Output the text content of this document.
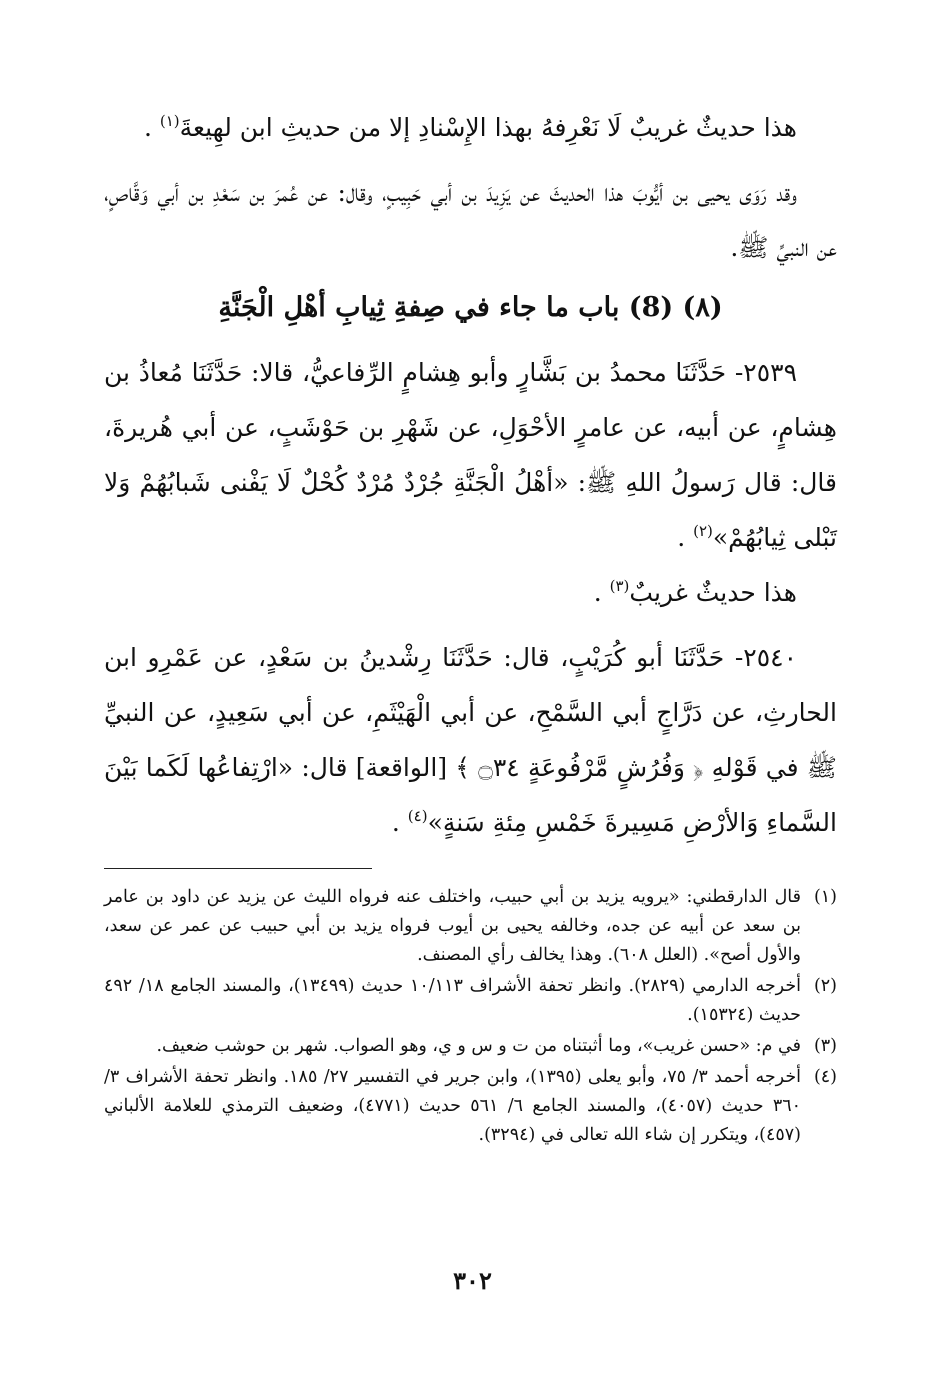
هذا حديثٌ غريبٌ لَا نَعْرِفهُ بهذا الإِسْنادِ إلا من حديثِ ابن لهِيعةَ$^{(١)}$ .

وقد رَوَى يحيى بن أيُّوبَ هذا الحديثَ عن يَزِيدَ بن أبي حَبِيبٍ، وقال: عن عُمرَ بن سَعْدِ بن أبي وَقَّاصٍ، عن النبيِّ ﷺ.

(٨) (8) باب ما جاء في صِفةِ ثِيابِ أهْلِ الْجَنَّةِ

٢٥٣٩- حَدَّثَنَا محمدُ بن بَشَّارٍ وأبو هِشامٍ الرِّفاعيُّ، قالا: حَدَّثَنَا مُعاذُ بن هِشامٍ، عن أبيه، عن عامرٍ الأحْوَلِ، عن شَهْرِ بن حَوْشَبٍ، عن أبي هُريرةَ، قال: قال رَسولُ اللهِ ﷺ: «أهْلُ الْجَنَّةِ جُرْدٌ مُرْدٌ كُحْلٌ لَا يَفْنى شَبابُهُمْ وَلا تَبْلى ثِيابُهُمْ»$^{(٢)}$ .

هذا حديثٌ غريبٌ$^{(٣)}$ .

٢٥٤٠- حَدَّثَنَا أبو كُرَيْبٍ، قال: حَدَّثَنَا رِشْدينُ بن سَعْدٍ، عن عَمْرِو ابن الحارثِ، عن دَرَّاجٍ أبي السَّمْحِ، عن أبي الْهَيْثَمِ، عن أبي سَعِيدٍ، عن النبيِّ ﷺ في قَوْلهِ ﴿ وَفُرُشٍ مَّرْفُوعَةٍ ۝٣٤ ﴾ [الواقعة] قال: «ارْتِفاعُها لَكَما بَيْنَ السَّماءِ وَالأرْضِ مَسِيرةَ خَمْسِ مِئةِ سَنةٍ»$^{(٤)}$ .

(١)
قال الدارقطني: «يرويه يزيد بن أبي حبيب، واختلف عنه فرواه الليث عن يزيد عن داود بن عامر بن سعد عن أبيه عن جده، وخالفه يحيى بن أيوب فرواه يزيد بن أبي حبيب عن عمر عن سعد، والأول أصح». (العلل ٦٠٨). وهذا يخالف رأي المصنف.
(٢)
أخرجه الدارمي (٢٨٢٩). وانظر تحفة الأشراف ١٠/١١٣ حديث (١٣٤٩٩)، والمسند الجامع ١٨/ ٤٩٢ حديث (١٥٣٢٤).
(٣)
في م: «حسن غريب»، وما أثبتناه من ت و س و ي، وهو الصواب. شهر بن حوشب ضعيف.
(٤)
أخرجه أحمد ٣/ ٧٥، وأبو يعلى (١٣٩٥)، وابن جرير في التفسير ٢٧/ ١٨٥. وانظر تحفة الأشراف ٣/ ٣٦٠ حديث (٤٠٥٧)، والمسند الجامع ٦/ ٥٦١ حديث (٤٧٧١)، وضعيف الترمذي للعلامة الألباني (٤٥٧)، ويتكرر إن شاء الله تعالى في (٣٢٩٤).
٣٠٢
